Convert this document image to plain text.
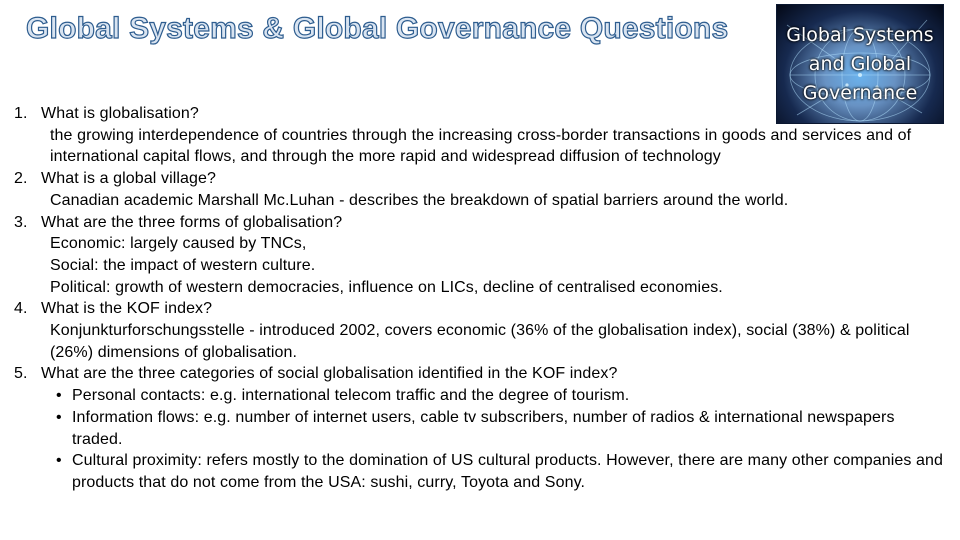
Global Systems & Global Governance Questions	Global Systems
and Global
Governance
1. What is globalisation?
the growing interdependence of countries through the increasing cross-border transactions in goods and services and of international capital flows, and through the more rapid and widespread diffusion of technology
2. What is a global village?
Canadian academic Marshall Mc.Luhan - describes the breakdown of spatial barriers around the world.
3. What are the three forms of globalisation?
Economic: largely caused by TNCs,
Social: the impact of western culture.
Political: growth of western democracies, influence on LICs, decline of centralised economies.
4. What is the KOF index?
Konjunkturforschungsstelle - introduced 2002, covers economic (36% of the globalisation index), social (38%) & political (26%) dimensions of globalisation.
5. What are the three categories of social globalisation identified in the KOF index?
• Personal contacts: e.g. international telecom traffic and the degree of tourism.
• Information flows: e.g. number of internet users, cable tv subscribers, number of radios & international newspapers traded.
• Cultural proximity: refers mostly to the domination of US cultural products. However, there are many other companies and products that do not come from the USA: sushi, curry, Toyota and Sony.
